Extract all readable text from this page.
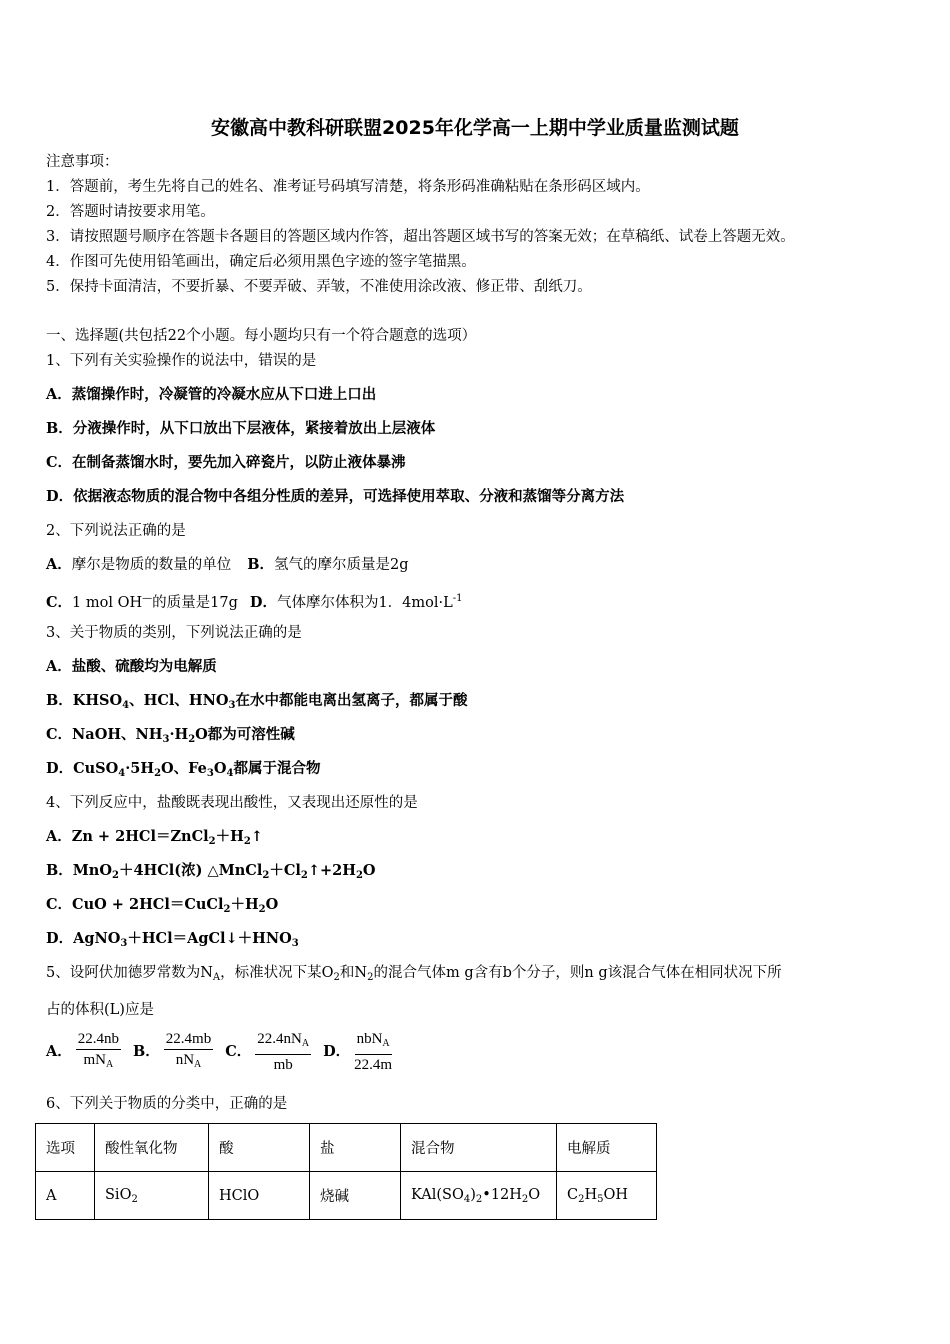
安徽高中教科研联盟2025年化学高一上期中学业质量监测试题
注意事项：
1．答题前，考生先将自己的姓名、准考证号码填写清楚，将条形码准确粘贴在条形码区域内。
2．答题时请按要求用笔。
3．请按照题号顺序在答题卡各题目的答题区域内作答，超出答题区域书写的答案无效；在草稿纸、试卷上答题无效。
4．作图可先使用铅笔画出，确定后必须用黑色字迹的签字笔描黑。
5．保持卡面清洁，不要折暴、不要弄破、弄皱，不准使用涂改液、修正带、刮纸刀。
一、选择题(共包括22个小题。每小题均只有一个符合题意的选项）
1、下列有关实验操作的说法中，错误的是
A．蒸馏操作时，冷凝管的冷凝水应从下口进上口出
B．分液操作时，从下口放出下层液体，紧接着放出上层液体
C．在制备蒸馏水时，要先加入碎瓷片，以防止液体暴沸
D．依据液态物质的混合物中各组分性质的差异，可选择使用萃取、分液和蒸馏等分离方法
2、下列说法正确的是
A．摩尔是物质的数量的单位 B．氢气的摩尔质量是2g
C．1 mol OH—的质量是17g D．气体摩尔体积为1．$4mol\cdot L^{-1}$
3、关于物质的类别，下列说法正确的是
A．盐酸、硫酸均为电解质
B．$KHSO_4$、HCl、$HNO_3$在水中都能电离出氢离子，都属于酸
C．NaOH、$NH_3\cdot H_2O$都为可溶性碱
D．$CuSO_4\cdot 5H_2O$、$Fe_3O_4$都属于混合物
4、下列反应中，盐酸既表现出酸性，又表现出还原性的是
A．$Zn + 2HCl=ZnCl_2+H_2↑$
B．MnO$_2$＋4HCl(浓) $\triangle MnCl_2+Cl_2↑+2H_2O$
C．CuO + $2HCl=CuCl_2+H_2O$
D．$AgNO_3+HCl=AgCl↓+HNO_3$
5、设阿伏加德罗常数为$N_A$，标准状况下某$O_2$和$N_2$的混合气体m g含有b个分子，则n g该混合气体在相同状况下所
占的体积(L)应是
A． $\frac{22.4nb}{mN_A}$ B． $\frac{22.4mb}{nN_A}$ C． $\frac{22.4nN_A}{mb}$ D． $\frac{nbN_A}{22.4m}$
6、下列关于物质的分类中，正确的是
选项	酸性氧化物	酸	盐	混合物	电解质
A	SiO$_2$	HClO	烧碱	$KAl(SO_4)_2•12H_2O$	$C_2H_5OH$
